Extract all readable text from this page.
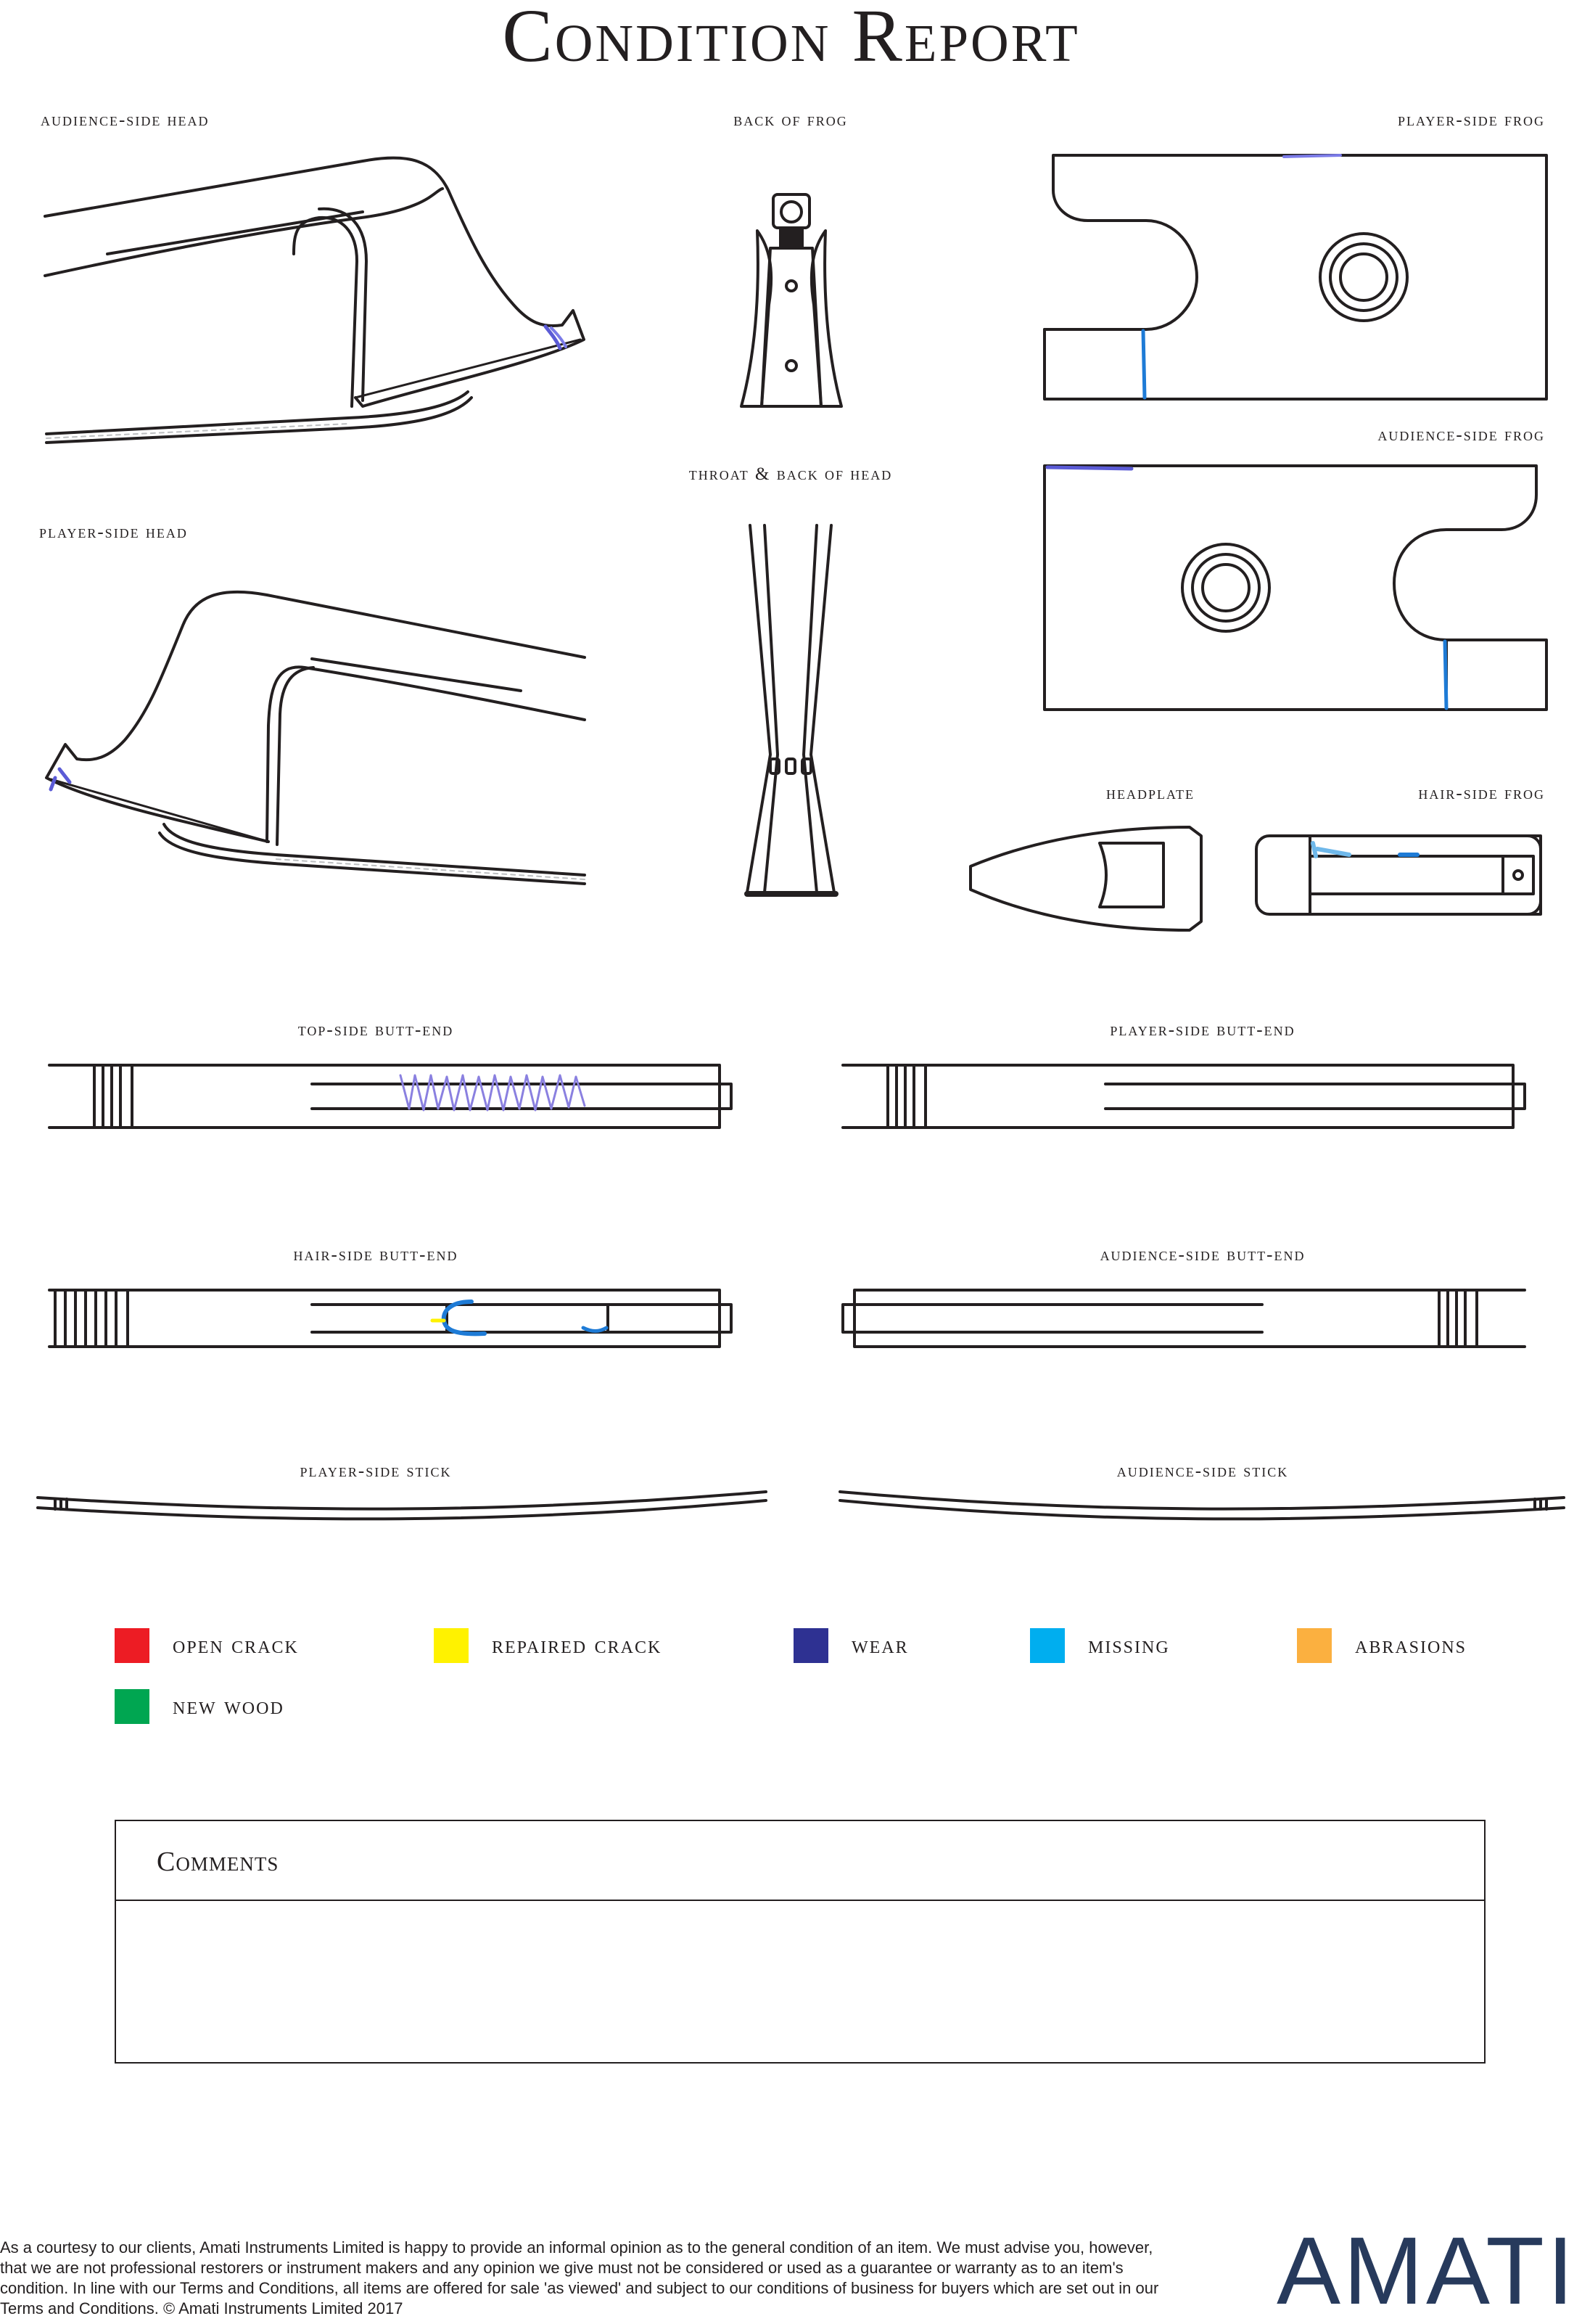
Condition Report
audience-side head	back of frog	player-side frog
throat & back of head
audience-side frog
player-side head
headplate	hair-side frog
top-side butt-end	player-side butt-end
hair-side butt-end	audience-side butt-end
player-side stick	audience-side stick
open crack	repaired crack	wear	missing	abrasions
new wood
Comments

As a courtesy to our clients, Amati Instruments Limited is happy to provide an informal opinion as to the general condition of an item. We must advise you, however, that we are not professional restorers or instrument makers and any opinion we give must not be considered or used as a guarantee or warranty as to an item's condition. In line with our Terms and Conditions, all items are offered for sale 'as viewed' and subject to our conditions of business for buyers which are set out in our Terms and Conditions. © Amati Instruments Limited 2017	AMATI
